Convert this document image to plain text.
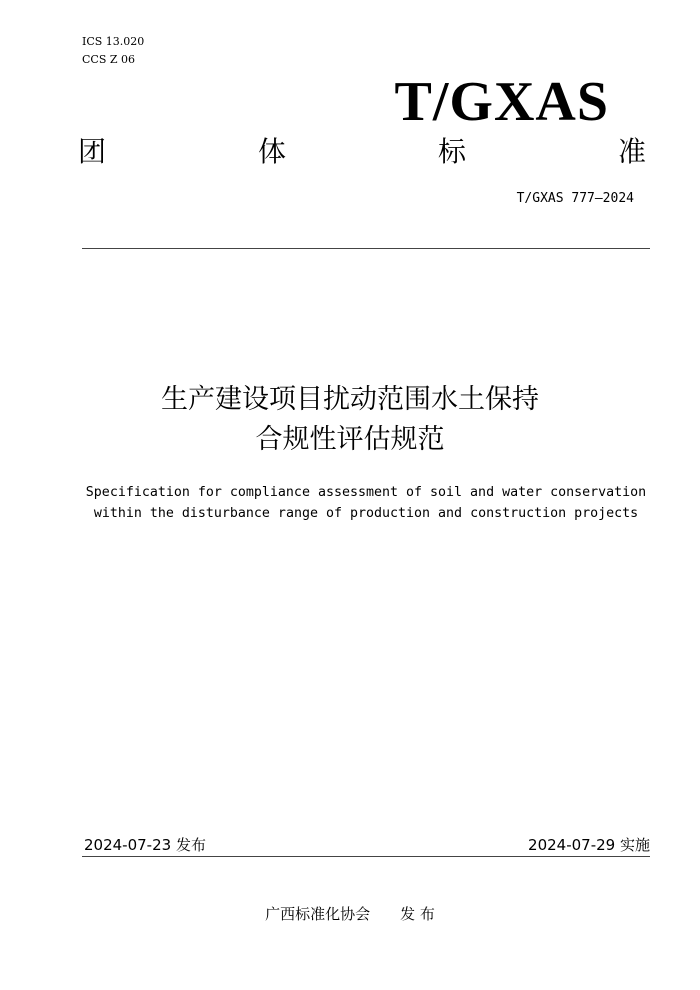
ICS 13.020
CCS Z 06
T/GXAS
团	体	标	准
T/GXAS 777—2024
生产建设项目扰动范围水土保持
合规性评估规范
Specification for compliance assessment of soil and water conservation
within the disturbance range of production and construction projects
2024-07-23 发布	2024-07-29 实施
广西标准化协会 发 布
